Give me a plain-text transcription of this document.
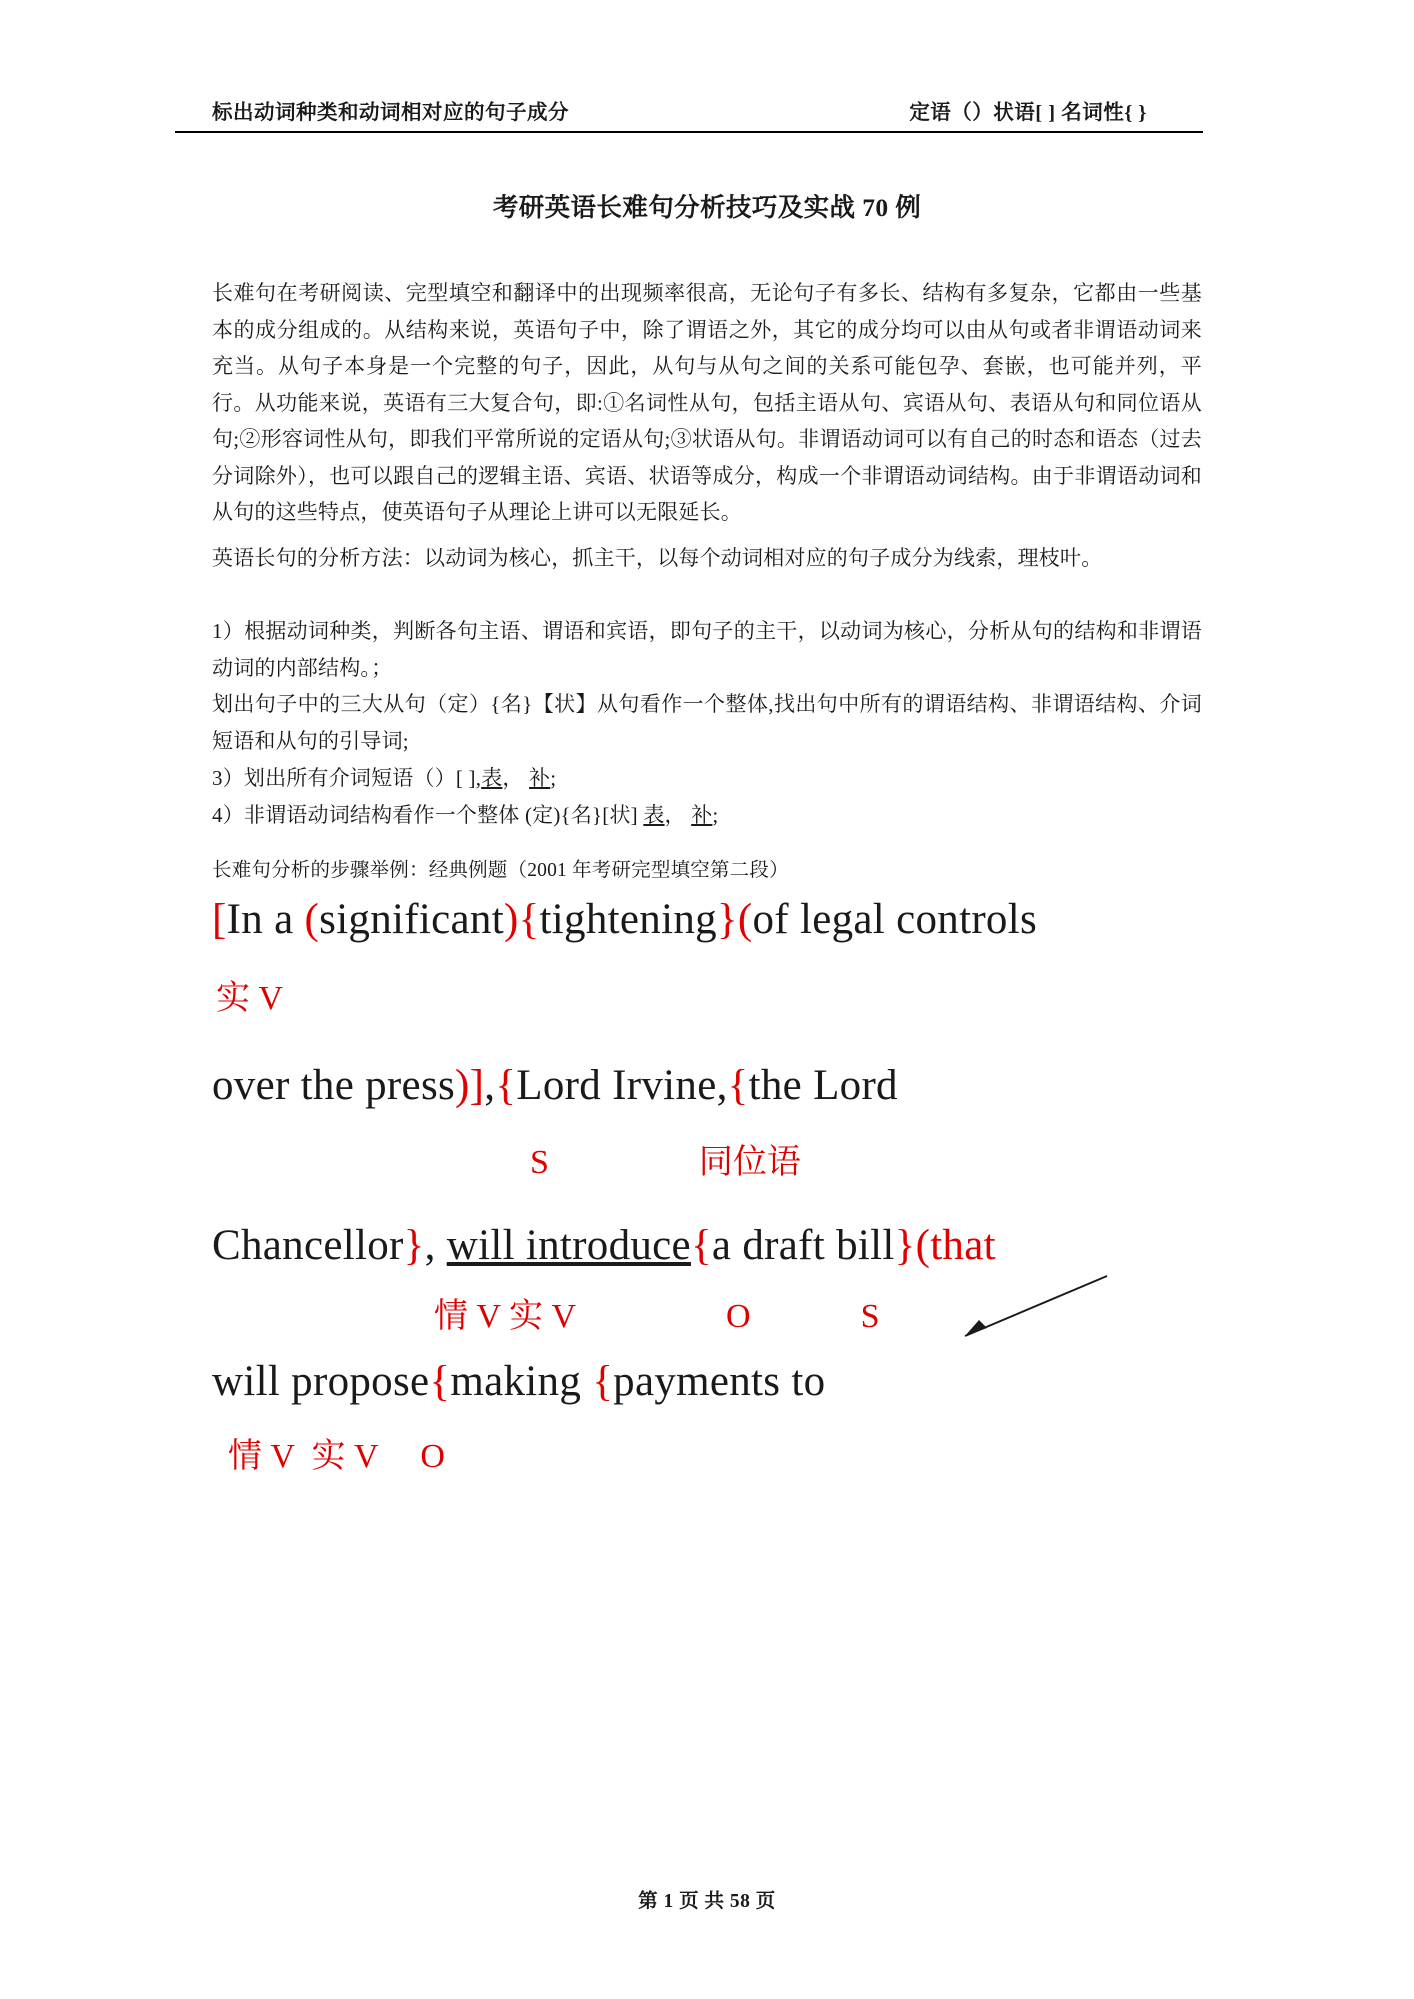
标出动词种类和动词相对应的句子成分	定语（）状语[ ] 名词性{ }
考研英语长难句分析技巧及实战 70 例
长难句在考研阅读、完型填空和翻译中的出现频率很高，无论句子有多长、结构有多复杂，它都由一些基本的成分组成的。从结构来说，英语句子中，除了谓语之外，其它的成分均可以由从句或者非谓语动词来充当。从句子本身是一个完整的句子，因此，从句与从句之间的关系可能包孕、套嵌，也可能并列，平行。从功能来说，英语有三大复合句，即:①名词性从句，包括主语从句、宾语从句、表语从句和同位语从句;②形容词性从句，即我们平常所说的定语从句;③状语从句。非谓语动词可以有自己的时态和语态（过去分词除外），也可以跟自己的逻辑主语、宾语、状语等成分，构成一个非谓语动词结构。由于非谓语动词和从句的这些特点，使英语句子从理论上讲可以无限延长。
英语长句的分析方法：以动词为核心，抓主干，以每个动词相对应的句子成分为线索，理枝叶。
1）根据动词种类，判断各句主语、谓语和宾语，即句子的主干，以动词为核心，分析从句的结构和非谓语动词的内部结构。；
划出句子中的三大从句（定）{名}【状】从句看作一个整体,找出句中所有的谓语结构、非谓语结构、介词短语和从句的引导词;
3）划出所有介词短语（）[ ],表， 补;
4）非谓语动词结构看作一个整体 (定){名}[状] 表， 补;
长难句分析的步骤举例：经典例题（2001 年考研完型填空第二段）
[In a (significant){tightening}(of legal controls
实 V
over the press)],{Lord Irvine,{the Lord
S	同位语
Chancellor}, will introduce{a draft bill}(that
情 V 实 V	O	S
will propose{making {payments to
情 V  实 V     O
第 1 页 共 58 页
